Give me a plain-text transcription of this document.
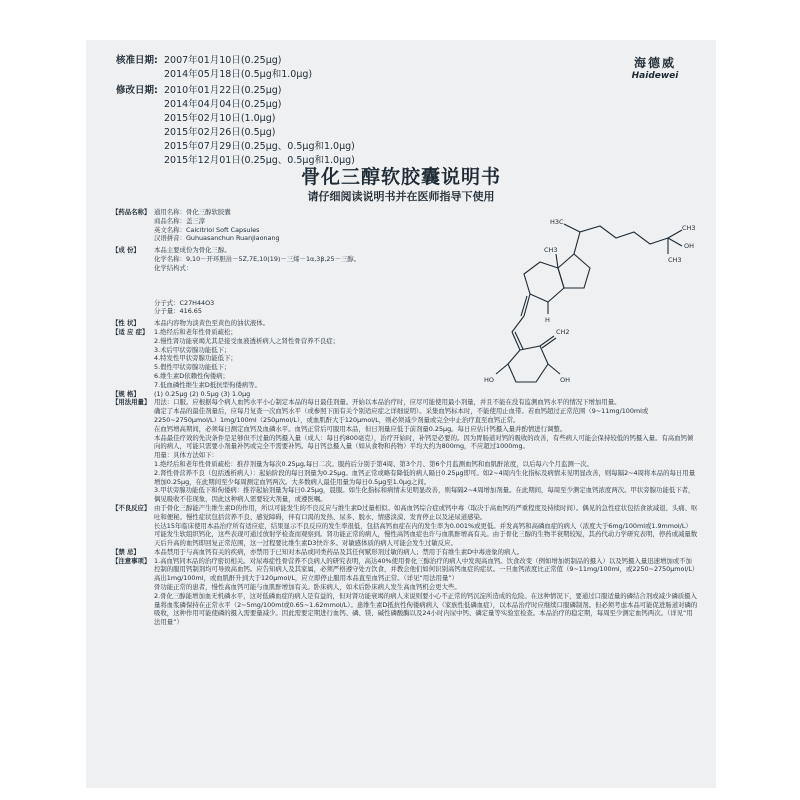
核准日期: 2007年01月10日(0.25μg)
2014年05月18日(0.5μg和1.0μg)
修改日期: 2010年01月22日(0.25μg)
2014年04月04日(0.25μg)
2015年02月10日(1.0μg)
2015年02月26日(0.5μg)
2015年07月29日(0.25μg、0.5μg和1.0μg)
2015年12月01日(0.25μg、0.5μg和1.0μg)
海德威
Haidewei
骨化三醇软胶囊说明书
请仔细阅读说明书并在医师指导下使用
【药品名称】 通用名称：骨化三醇软胶囊
商品名称：盖三淳
英文名称：Calcitriol Soft Capsules
汉语拼音：Guhuasanchun Ruanjiaonang
【成 份】	本品主要成份为骨化三醇。
化学名称：9,10－开环胆甾－5Z,7E,10(19)－三烯－1α,3β,25－三醇。
化学结构式：
分子式：C27H44O3
分子量：416.65
【性 状】	本品内容物为淡黄色至黄色的油状液体。
【适 应 症】 1.绝经后和老年性骨质疏松；
2.慢性肾功能衰竭尤其是接受血液透析病人之肾性骨营养不良症；
3.术后甲状旁腺功能低下；
4.特发性甲状旁腺功能低下；
5.假性甲状旁腺功能低下；
6.维生素D依赖性佝偻病；
7.低血磷性维生素D抵抗型佝偻病等。
【规 格】	(1) 0.25μg (2) 0.5μg (3) 1.0μg
【用法用量】 用法：口服。应根据每个病人血钙水平小心制定本品的每日最佳剂量。开始以本品治疗时，应尽可能使用最小剂量，并且不能在没有监测血钙水平的情况下增加用量。
确定了本品的最佳剂量后，应每月复查一次血钙水平（或参照下面有关个别适应症之详细说明）。采集血钙标本时，不能使用止血带。若血钙超过正常范围（9~11mg/100ml或2250~2750μmol/L）1mg/100ml（250μmol/L），或血肌酐大于120μmol/L，则必须减少剂量或完全中止治疗直至血钙正常。
在血钙增高期间，必须每日测定血钙及血磷水平。血钙正常后可服用本品，但日剂量应低于前剂量0.25μg。每日应估计钙摄入量并酌情进行调整。
本品最佳疗效的先决条件是足够但不过量的钙摄入量（成人：每日约800毫克），治疗开始时，补钙是必要的。因为胃肠道对钙的吸收的改善，有些病人可能会保持较低的钙摄入量。有高血钙倾向的病人，可能只需要小剂量补钙或完全不需要补钙。每日钙总摄入量（如从食物和药物）平均大约为800mg，不应超过1000mg。
用量：具体方法如下：
1.绝经后和老年性骨质疏松：推荐剂量为每次0.25μg,每日二次。服药后分别于第4周、第3个月、第6个月监测血钙和血肌酐浓度，以后每六个月监测一次。
2.肾性骨营养不良（包括透析病人）：起始阶段的每日剂量为0.25μg。血钙正常或略有降低的病人隔日0.25μg即可。如2~4周内生化指标及病情未见明显改善，则每隔2~4周将本品的每日用量增加0.25μg，在此期间至少每周测定血钙两次。大多数病人最佳用量为每日0.5μg至1.0μg之间。
3.甲状旁腺功能低下和佝偻病：推荐起始剂量为每日0.25μg，晨服。如生化指标和病情未见明显改善，则每隔2~4周增加剂量。在此期间，每周至少测定血钙浓度两次。甲状旁腺功能低下者，偶见吸收不佳现象，因此这种病人需要较大剂量，或遵医嘱。
【不良反应】 由于骨化三醇能产生维生素D的作用，所以可能发生的不良反应与维生素D过量相似。如高血钙综合症或钙中毒（取决于高血钙的严重程度及持续时间）。偶见的急性症状包括食欲减退、头痛、呕吐和便秘。慢性症状包括营养不良、感觉障碍，伴有口渴的发热、尿多、脱水、情感淡漠、发育停止以及泌尿道感染。
长达15年临床使用本品治疗所有适应症，结果显示不良反应的发生率很低，包括高钙血症在内的发生率为0.001%或更低。并发高钙和高磷血症的病人（浓度大于6mg/100ml或1.9mmol/L）可能发生软组织钙化，这些表现可通过放射学检查而观察到。肾功能正常的病人，慢性高钙血症也许与血肌酐增高有关。由于骨化三醇的生物半衰期较短，其药代动力学研究表明，停药或减量数天后升高的血钙即回复正常范围，这一过程要比维生素D3快许多。对敏感体质的病人可能会发生过敏反应。
【禁 忌】	本品禁用于与高血钙有关的疾病，亦禁用于已知对本品或同类药品及其任何赋形剂过敏的病人；禁用于有维生素D中毒迹象的病人。
【注意事项】 1.高血钙同本品的治疗密切相关。对尿毒症性骨营养不良病人的研究表明，高达40%使用骨化三醇治疗的病人中发现高血钙。饮食改变（例如增加奶制品的摄入）以及钙摄入量迅速增加或不加控制的服用钙制剂均可导致高血钙。应告知病人及其家属，必须严格遵守处方饮食，并教会他们如何识别高钙血症的症状。一旦血钙浓度比正常值（9~11mg/100ml，或2250~2750μmol/L）高出1mg/100ml，或血肌酐升到大于120μmol/L，应立即停止服用本品直至血钙正常。（详见“用法用量”）
骨功能正常的患者，慢性高血钙可能与血肌酐增加有关。卧床病人，如术后卧床病人发生高血钙机会更大些。
2.骨化三醇能增加血无机磷水平，这对低磷血症的病人是有益的，但对肾功能衰竭的病人来说则要小心不正常的钙沉淀所造成的危险。在这种情况下，要通过口服适量的磷结合剂或减少磷质摄入量将血浆磷保持在正常水平（2~5mg/100ml或0.65~1.62mmol/L）。患维生素D抵抗性佝偻病病人（家族性低磷血症），以本品治疗时应继续口服磷制剂。但必须考虑本品可能促进肠道对磷的吸收，这种作用可能使磷的摄入需要量减少。因此需要定期进行血钙、磷、镁、碱性磷酸酶以及24小时内尿中钙、磷定量等实验室检查。本品治疗的稳定期，每周至少测定血钙两次。（详见“用法用量”）
H3C
CH3
OH
CH3
CH3
H
CH2
HO	OH
